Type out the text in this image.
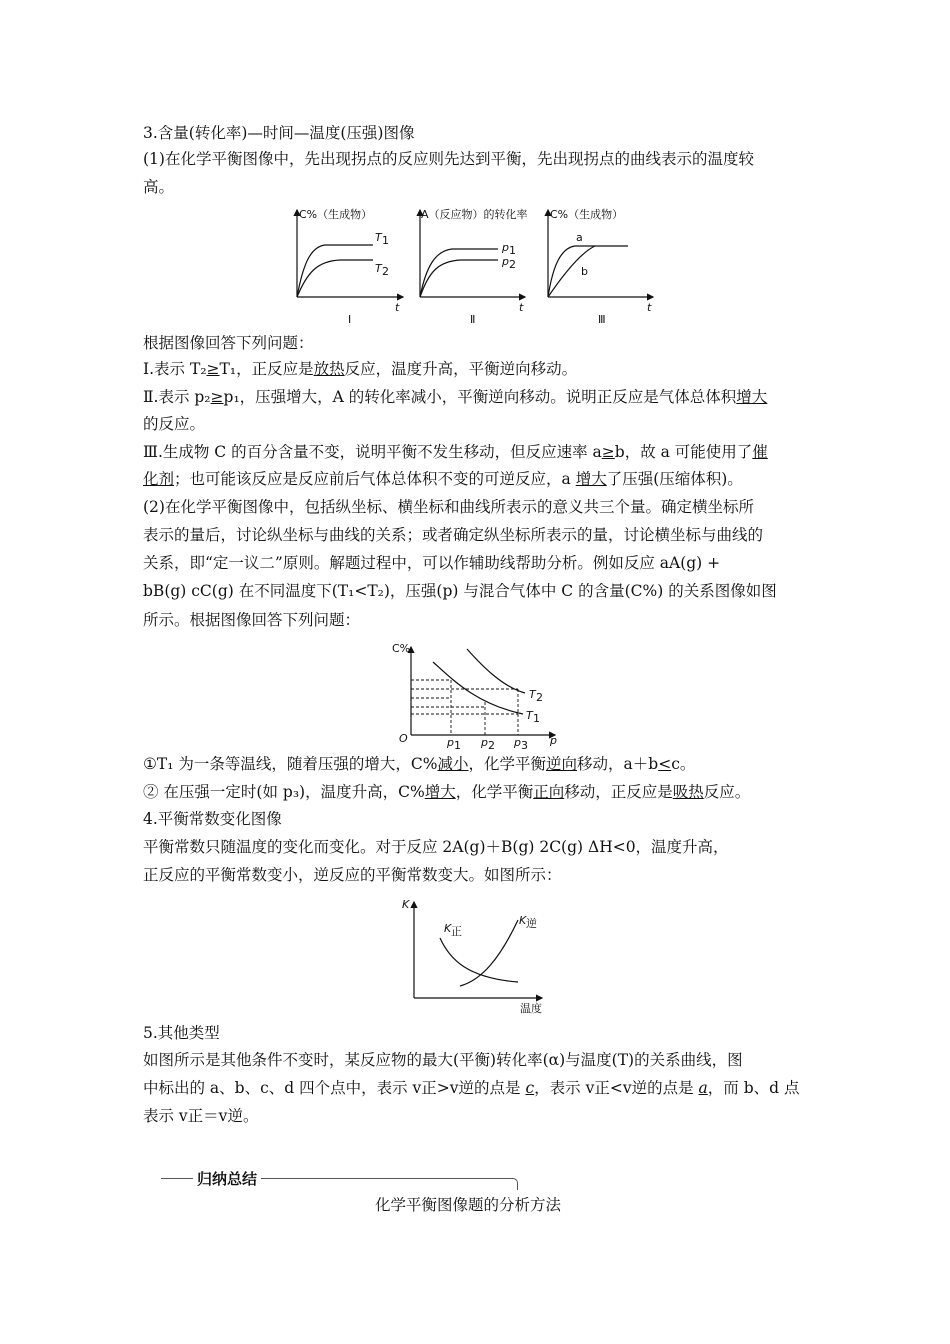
3.含量(转化率)—时间—温度(压强)图像
(1)在化学平衡图像中，先出现拐点的反应则先达到平衡，先出现拐点的曲线表示的温度较
高。
C%（生成物）
T 1
T 2
t
Ⅰ
A（反应物）的转化率
p 1
p 2
t
Ⅱ
C%（生成物）
a
b
t
Ⅲ
根据图像回答下列问题：
Ⅰ.表示 T₂≥T₁，正反应是放热反应，温度升高，平衡逆向移动。
Ⅱ.表示 p₂≥p₁，压强增大，A 的转化率减小，平衡逆向移动。说明正反应是气体总体积增大
的反应。
Ⅲ.生成物 C 的百分含量不变，说明平衡不发生移动，但反应速率 a≥b，故 a 可能使用了催
化剂；也可能该反应是反应前后气体总体积不变的可逆反应，a 增大了压强(压缩体积)。
(2)在化学平衡图像中，包括纵坐标、横坐标和曲线所表示的意义共三个量。确定横坐标所
表示的量后，讨论纵坐标与曲线的关系；或者确定纵坐标所表示的量，讨论横坐标与曲线的
关系，即“定一议二”原则。解题过程中，可以作辅助线帮助分析。例如反应 aA(g) +
bB(g) cC(g) 在不同温度下(T₁<T₂)，压强(p) 与混合气体中 C 的含量(C%) 的关系图像如图
所示。根据图像回答下列问题：
C%
O	p
T 2
T 1
p 1 p 2 p 3
①T₁ 为一条等温线，随着压强的增大，C%减小，化学平衡逆向移动，a＋b<c。
② 在压强一定时(如 p₃)，温度升高，C%增大，化学平衡正向移动，正反应是吸热反应。
4.平衡常数变化图像
平衡常数只随温度的变化而变化。对于反应 2A(g)＋B(g) 2C(g) ΔH<0，温度升高，
正反应的平衡常数变小，逆反应的平衡常数变大。如图所示：
K
K 正
K 逆
温度
5.其他类型
如图所示是其他条件不变时，某反应物的最大(平衡)转化率(α)与温度(T)的关系曲线，图
中标出的 a、b、c、d 四个点中，表示 v正>v逆的点是 c，表示 v正<v逆的点是 a，而 b、d 点
表示 v正＝v逆。
归纳总结
化学平衡图像题的分析方法
